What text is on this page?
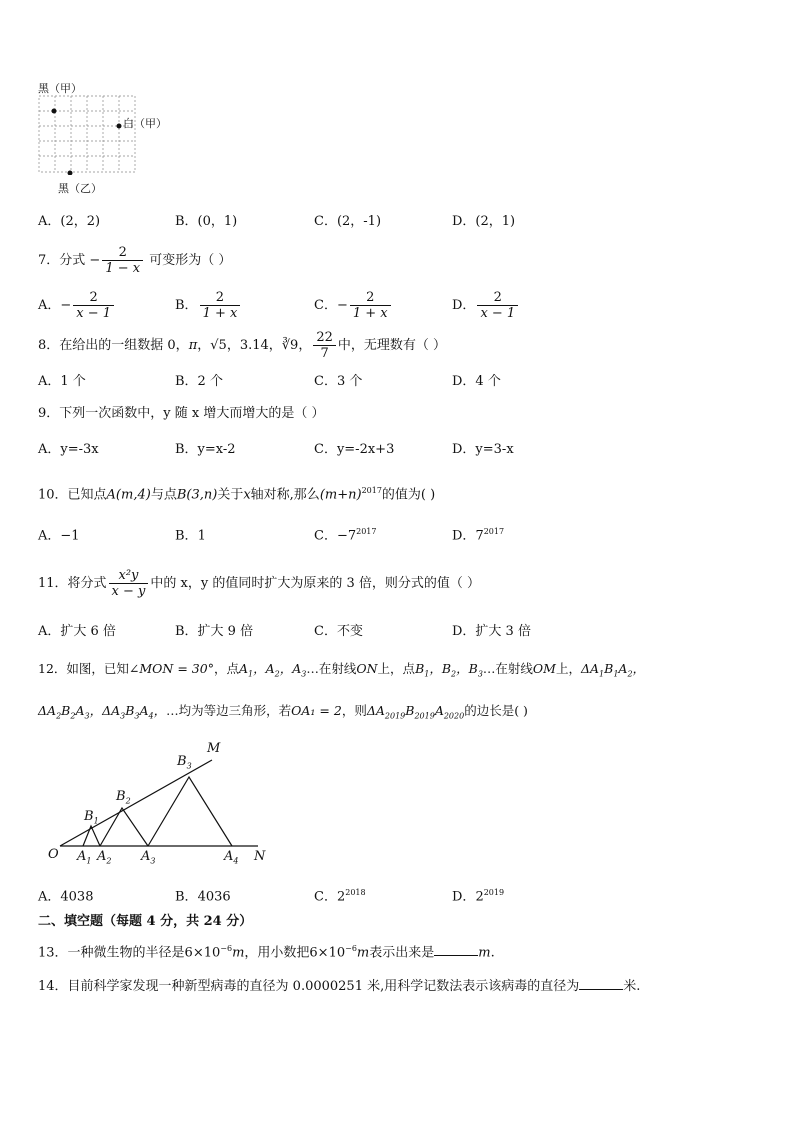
黑（甲）
白（甲）
黑（乙）
A．(2，2)	B．(0，1)	C．(2，-1)	D．(2，1)
7．分式 − $\frac{2}{1 - x}$ 可变形为（ ）
A．− $\frac{2}{x - 1}$	B． $\frac{2}{1 + x}$	C．− $\frac{2}{1 + x}$	D． $\frac{2}{x - 1}$
8．在给出的一组数据 0，π，√5，3.14，∛9， $\frac{22}{7}$ 中，无理数有（ ）
A．1 个	B．2 个	C．3 个	D．4 个
9．下列一次函数中，y 随 x 增大而增大的是（ ）
A．y=-3x	B．y=x-2	C．y=-2x+3	D．y=3-x
10．已知点A(m,4)与点B(3,n)关于x轴对称,那么$(m+n)^{2017}$的值为( )
A．−1	B．1	C．$-7^{2017}$	D．$7^{2017}$
11．将分式 $\frac{\text{x²y}}{x - y}$ 中的 x，y 的值同时扩大为原来的 3 倍，则分式的值（ ）
A．扩大 6 倍	B．扩大 9 倍	C．不变	D．扩大 3 倍
12．如图，已知∠MON = 30°，点$A_1$，$A_2$，$A_3\dots$在射线ON上，点$B_1$，$B_2$，$B_3\dots$在射线OM上，$\Delta A_1B_1A_2$，
$\Delta A_2B_2A_3$，$\Delta A_3B_3A_4$，…均为等边三角形，若OA₁ = 2，则$\Delta A_{2019}B_{2019}A_{2020}$的边长是( )
O	N
M
$A_1$ $A_2$ $A_3$	$A_4$
$B_1$
$B_2$
$B_3$
A．4038	B．4036	C．$2^{2018}$	D．$2^{2019}$
二、填空题（每题 4 分，共 24 分）
13．一种微生物的半径是$6\times 10^{-6}m$，用小数把$6\times 10^{-6}m$表示出来是	m.
14．目前科学家发现一种新型病毒的直径为 0.0000251 米,用科学记数法表示该病毒的直径为	米.
